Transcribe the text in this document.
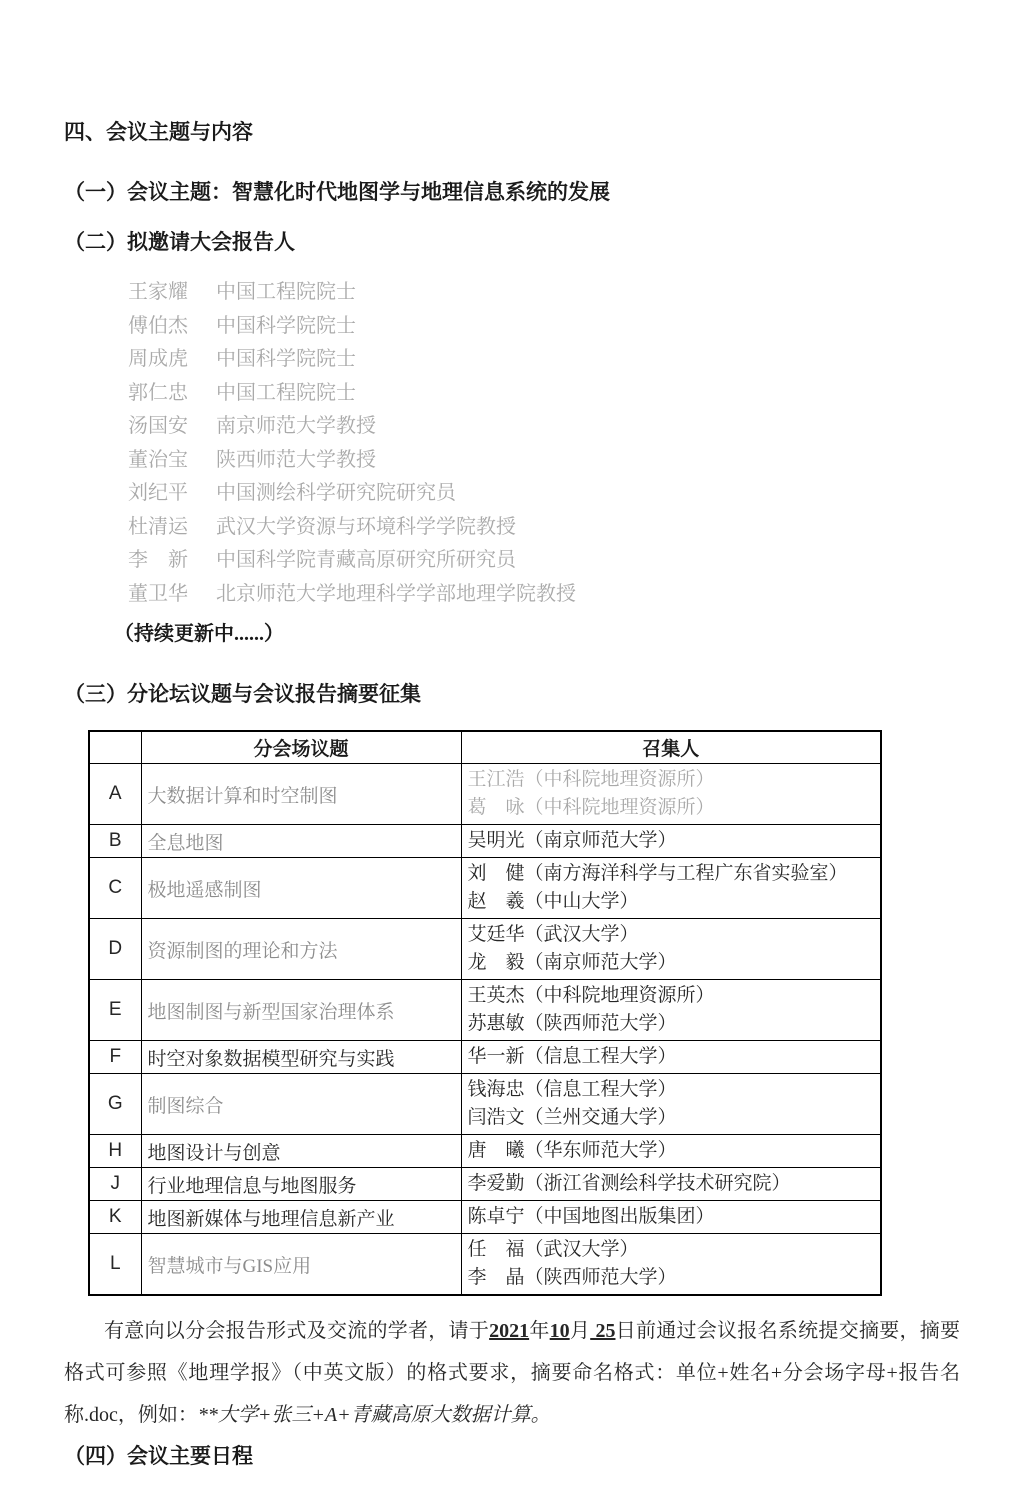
四、会议主题与内容
（一）会议主题：智慧化时代地图学与地理信息系统的发展
（二）拟邀请大会报告人
王家耀 中国工程院院士
傅伯杰 中国科学院院士
周成虎 中国科学院院士
郭仁忠 中国工程院院士
汤国安 南京师范大学教授
董治宝 陕西师范大学教授
刘纪平 中国测绘科学研究院研究员
杜清运 武汉大学资源与环境科学学院教授
李　新 中国科学院青藏高原研究所研究员
董卫华 北京师范大学地理科学学部地理学院教授
（持续更新中......）
（三）分论坛议题与会议报告摘要征集
	分会场议题	召集人
A	大数据计算和时空制图	王江浩（中科院地理资源所）
葛　咏（中科院地理资源所）

B	全息地图	吴明光（南京师范大学）

C	极地遥感制图	刘　健（南方海洋科学与工程广东省实验室）
赵　羲（中山大学）

D	资源制图的理论和方法	艾廷华（武汉大学）
龙　毅（南京师范大学）

E	地图制图与新型国家治理体系	王英杰（中科院地理资源所）
苏惠敏（陕西师范大学）

F	时空对象数据模型研究与实践	华一新（信息工程大学）

G	制图综合	钱海忠（信息工程大学）
闫浩文（兰州交通大学）

H	地图设计与创意	唐　曦（华东师范大学）

J	行业地理信息与地图服务	李爱勤（浙江省测绘科学技术研究院）

K	地图新媒体与地理信息新产业	陈卓宁（中国地图出版集团）

L	智慧城市与GIS应用	任　福（武汉大学）
李　晶（陕西师范大学）

有意向以分会报告形式及交流的学者，请于2021年10月 25日前通过会议报名系统提交摘要，摘要格式可参照《地理学报》（中英文版）的格式要求，摘要命名格式：单位+姓名+分会场字母+报告名称.doc，例如：**大学+张三+A+青藏高原大数据计算。

（四）会议主要日程
